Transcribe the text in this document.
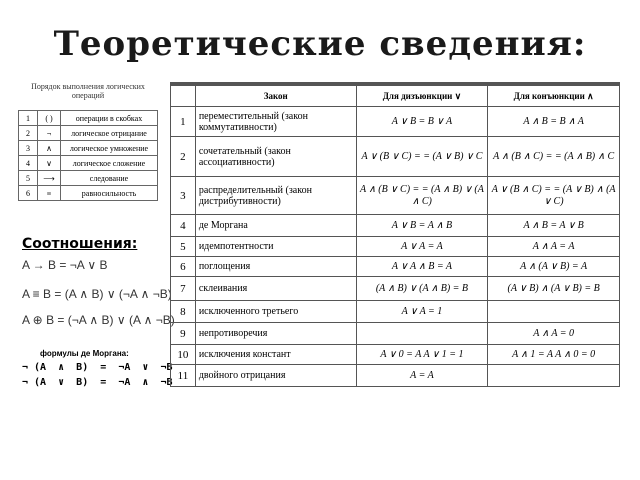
Теоретические сведения:
Порядок выполнения логических операций
1	( )	операции в скобках
2	¬	логическое отрицание
3	∧	логическое умножение
4	∨	логическое сложение
5	⟶	следование
6	≡	равносильность
Соотношения:
A → B = ¬A ∨ B
A ≡ B = (A ∧ B) ∨ (¬A ∧ ¬B)
A ⊕ B = (¬A ∧ B) ∨ (A ∧ ¬B)
формулы де Моргана:
¬ (A  ∧  B)  =  ¬A  ∨  ¬B
¬ (A  ∨  B)  =  ¬A  ∧  ¬B
	Закон	Для дизъюнкции ∨	Для конъюнкции ∧
1	переместительный (закон коммутативности)	A ∨ B = B ∨ A	A ∧ B = B ∧ A
2	сочетательный (закон ассоциативности)	A ∨ (B ∨ C) = = (A ∨ B) ∨ C	A ∧ (B ∧ C) = = (A ∧ B) ∧ C
3	распределительный (закон дистрибутивности)	A ∧ (B ∨ C) = = (A ∧ B) ∨ (A ∧ C)	A ∨ (B ∧ C) = = (A ∨ B) ∧ (A ∨ C)
4	де Моргана	A ∨ B = A ∧ B	A ∧ B = A ∨ B
5	идемпотентности	A ∨ A = A	A ∧ A = A
6	поглощения	A ∨ A ∧ B = A	A ∧ (A ∨ B) = A
7	склеивания	(A ∧ B) ∨ (A ∧ B) = B	(A ∨ B) ∧ (A ∨ B) = B
8	исключенного третьего	A ∨ A = 1	
9	непротиворечия		A ∧ A = 0
10	исключения констант	A ∨ 0 = A A ∨ 1 = 1	A ∧ 1 = A A ∧ 0 = 0
11	двойного отрицания	A = A	
